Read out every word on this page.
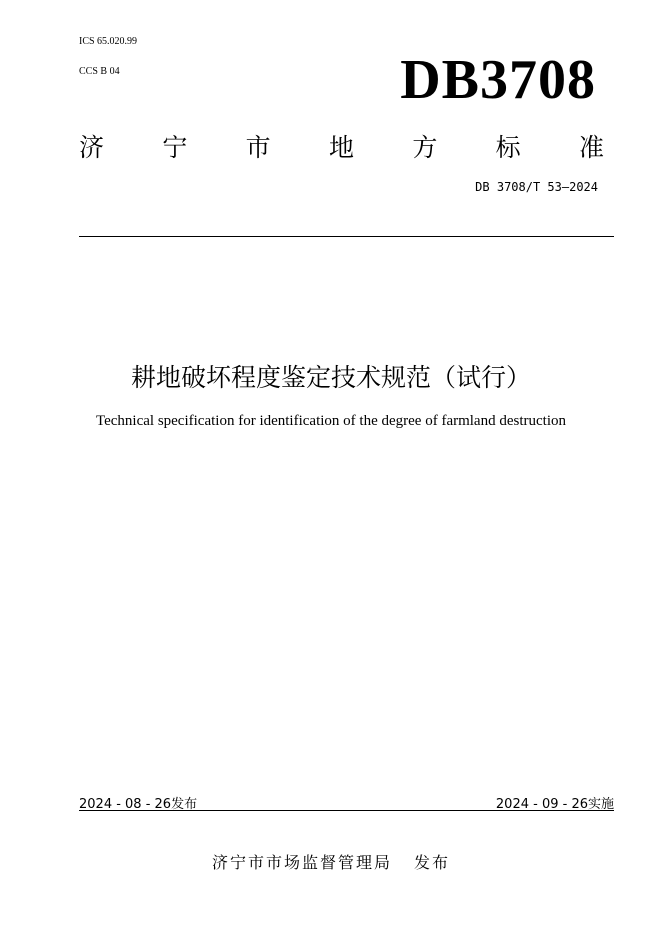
ICS 65.020.99
CCS B 04	DB3708
济 宁 市 地 方 标 准
DB 3708/T 53—2024
耕地破坏程度鉴定技术规范（试行）
Technical specification for identification of the degree of farmland destruction
2024 - 08 - 26发布	2024 - 09 - 26实施
济宁市市场监督管理局 发布
